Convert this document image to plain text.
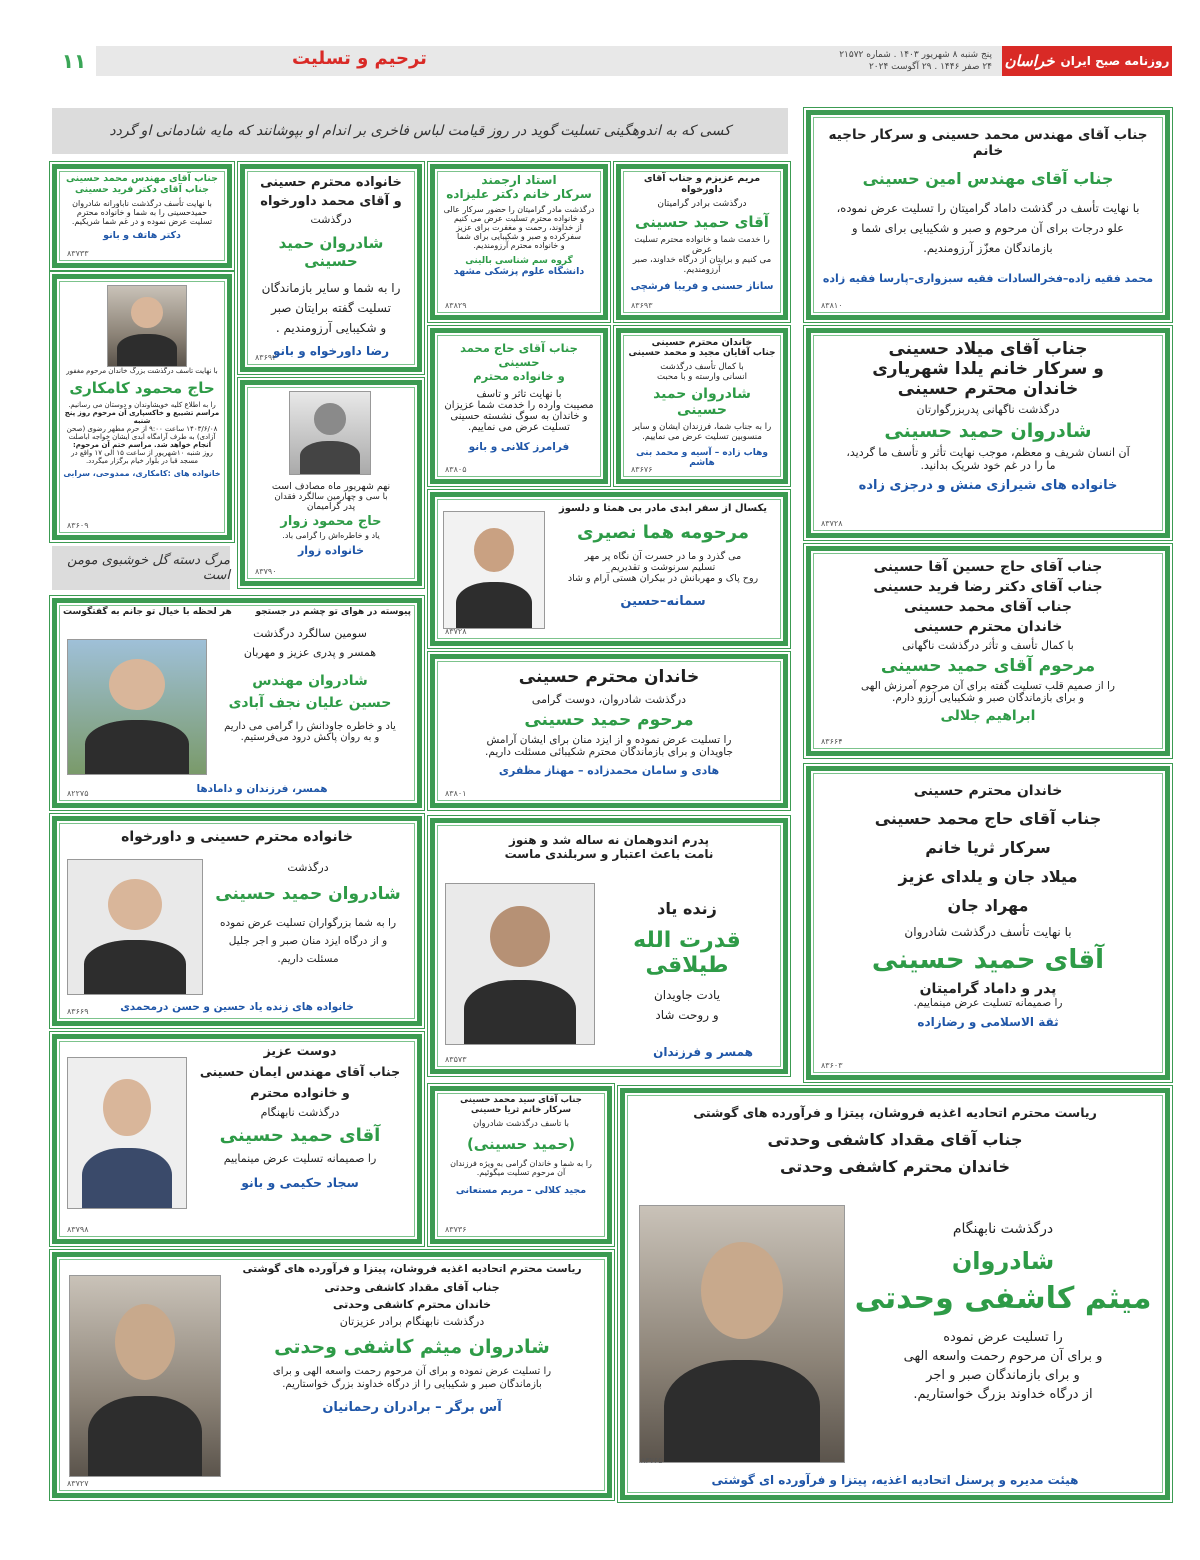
روزنامه صبح ایران
خراسان
پنج شنبه ۸ شهریور ۱۴۰۳ . شماره ۲۱۵۷۲
۲۴ صفر ۱۴۴۶ . ۲۹ آگوست ۲۰۲۴
ترحیم و تسلیت
۱۱
کسی که به اندوهگینی تسلیت گوید در روز قیامت لباس فاخری بر اندام او بپوشانند که مایه شادمانی او گردد
مرگ دسته گل خوشبوی مومن است

جناب آقای مهندس محمد حسینی و سرکار حاجیه خانم

جناب آقای مهندس امین حسینی

با نهایت تأسف در گذشت داماد گرامیتان را تسلیت عرض نموده،

علو درجات برای آن مرحوم و صبر و شکیبایی برای شما و

بازماندگان معزّز آرزومندیم.

محمد فقیه زاده–فخرالسادات فقیه سبزواری–پارسا فقیه زاده

۸۳۸۱۰

جناب آقای میلاد حسینی

و سرکار خانم یلدا شهریاری

خاندان محترم حسینی

درگذشت ناگهانی پدربزرگوارتان

شادروان حمید حسینی

آن انسان شریف و معظم، موجب نهایت تأثر و تأسف ما گردید،

ما را در غم خود شریک بدانید.

خانواده های شیرازی منش و درجزی زاده

۸۳۷۲۸

جناب آقای حاج حسین آقا حسینی

جناب آقای دکتر رضا فرید حسینی

جناب آقای محمد حسینی

خاندان محترم حسینی

با کمال تأسف و تأثر درگذشت ناگهانی

مرحوم آقای حمید حسینی

را از صمیم قلب تسلیت گفته برای آن مرحوم آمرزش الهی

و برای بازماندگان صبر و شکیبایی آرزو دارم.

ابراهیم جلالی

۸۳۶۶۴

خاندان محترم حسینی

جناب آقای حاج محمد حسینی

سرکار ثریا خانم

میلاد جان و یلدای عزیز

مهراد جان

با نهایت تأسف درگذشت شادروان

آقای حمید حسینی

پدر و داماد گرامیتان

را صمیمانه تسلیت عرض مینماییم.

ثقة الاسلامی و رضازاده

۸۳۶۰۳

ریاست محترم اتحادیه اغذیه فروشان، پیتزا و فرآورده های گوشتی

جناب آقای مقداد کاشفی وحدتی

خاندان محترم کاشفی وحدتی

درگذشت نابهنگام

شادروان

میثم کاشفی وحدتی

را تسلیت عرض نموده

و برای آن مرحوم رحمت واسعه الهی

و برای بازماندگان صبر و اجر

از درگاه خداوند بزرگ خواستاریم.

هیئت مدیره و پرسنل اتحادیه اغذیه، پیتزا و فرآورده ای گوشتی

۸۳۷۶۵

مریم عزیزم و جناب آقای داورخواه

درگذشت برادر گرامیتان

آقای حمید حسینی

را خدمت شما و خانواده محترم تسلیت عرض

می کنیم و برایتان از درگاه خداوند، صبر

آرزومندیم.

ساناز حسنی و فریبا فرشچی

۸۳۶۹۳

استاد ارجمند

سرکار خانم دکتر علیزاده

درگذشت مادر گرامیتان را حضور سرکار عالی

و خانواده محترم تسلیت عرض می کنیم

از خداوند، رحمت و مغفرت برای عزیز

سفرکرده و صبر و شکیبایی برای شما

و خانواده محترم آرزومندیم.

گروه سم شناسی بالینی

دانشگاه علوم پزشکی مشهد

۸۳۸۲۹

خانواده محترم حسینی

و آقای محمد داورخواه

درگذشت

شادروان حمید حسینی

را به شما و سایر بازماندگان

تسلیت گفته برایتان صبر

و شکیبایی آرزومندیم .

رضا داورخواه و بانو

۸۳۶۹۲

جناب آقای مهندس محمد حسینی

جناب آقای دکتر فرید حسینی

با نهایت تأسف درگذشت ناباورانه شادروان

حمیدحسینی را به شما و خانواده محترم

تسلیت عرض نموده و در غم شما شریکیم.

دکتر هاتف و بانو

۸۳۷۳۳

خاندان محترم حسینی

جناب آقایان مجید و محمد حسینی

با کمال تأسف درگذشت

انسانی وارسته و با محبت

شادروان حمید حسینی

را به جناب شما، فرزندان ایشان و سایر

منسوبین تسلیت عرض می نماییم.

وهاب زاده – آسیه و محمد بنی هاشم

۸۳۶۷۶

جناب آقای حاج محمد حسینی

و خانواده محترم

با نهایت تاثر و تاسف

مصیبت وارده را خدمت شما عزیزان

و خاندان به سوگ نشسته حسینی

تسلیت عرض می نماییم.

فرامرز کلانی و بانو

۸۳۸۰۵

با نهایت تاسف درگذشت بزرگ خاندان مرحوم مغفور

حاج محمود کامکاری

را به اطلاع کلیه خویشاوندان و دوستان می رسانیم.

مراسم تشییع و خاکسپاری آن مرحوم روز پنج شنبه

۱۴۰۳/۶/۰۸ ساعت ۹:۰۰ از حرم مطهر رضوی (صحن

آزادی) به طرف آرامگاه ابدی ایشان خواجه اباصلت

انجام خواهد شد. مراسم ختم آن مرحوم:

روز شنبه ۱۰شهریور از ساعت ۱۵ الی ۱۷ واقع در

مسجد قبا در بلوار خیام برگزار میگردد.

خانواده های :کامکاری، ممدوحی، سرابی

۸۳۶۰۹

نهم شهریور ماه مصادف است

با سی و چهارمین سالگرد فقدان

پدر گرامیمان

حاج محمود زوار

یاد و خاطره‌اش را گرامی باد.

خانواده زوار

۸۳۷۹۰

یکسال از سفر ابدی مادر بی همتا و دلسوز

مرحومه هما نصیری

می گذرد و ما در حسرت آن نگاه پر مهر

تسلیم سرنوشت و تقدیریم

روح پاک و مهربانش در بیکران هستی آرام و شاد

سمانه–حسین

۸۳۷۲۸

خاندان محترم حسینی

درگذشت شادروان، دوست گرامی

مرحوم حمید حسینی

را تسلیت عرض نموده و از ایزد منان برای ایشان آرامش

جاویدان و برای بازماندگان محترم شکیبائی مسئلت داریم.

هادی و سامان محمدزاده – مهناز مظفری

۸۳۸۰۱

پیوسته در هوای تو چشم در جستجو
هر لحظه با خیال تو جانم به گفتگوست

سومین سالگرد درگذشت

همسر و پدری عزیز و مهربان

شادروان مهندس

حسین علیان نجف آبادی

یاد و خاطره جاودانش را گرامی می داریم

و به روان پاکش درود می‌فرستیم.

همسر، فرزندان و دامادها

۸۲۲۷۵

خانواده محترم حسینی و داورخواه

درگذشت

شادروان حمید حسینی

را به شما بزرگواران تسلیت عرض نموده

و از درگاه ایزد منان صبر و اجر جلیل

مسئلت داریم.

خانواده های زنده یاد حسین و حسن درمحمدی

۸۳۶۶۹

پدرم اندوهمان نه ساله شد و هنوز

نامت باعث اعتبار و سربلندی ماست

زنده یاد

قدرت الله طیلاقی

یادت جاویدان

و روحت شاد

همسر و فرزندان

۸۳۵۷۳

دوست عزیز

جناب آقای مهندس ایمان حسینی

و خانواده محترم

درگذشت نابهنگام

آقای حمید حسینی

را صمیمانه تسلیت عرض مینماییم

سجاد حکیمی و بانو

۸۳۷۹۸

جناب آقای سید محمد حسینی

سرکار خانم ثریا حسینی

با تاسف درگذشت شادروان

(حمید حسینی)

را به شما و خاندان گرامی به ویژه فرزندان

آن مرحوم تسلیت میگوئیم.

مجید کلالی – مریم مستعانی

۸۳۷۳۶

ریاست محترم اتحادیه اغذیه فروشان، پیتزا و فرآورده های گوشتی

جناب آقای مقداد کاشفی وحدتی

خاندان محترم کاشفی وحدتی

درگذشت نابهنگام برادر عزیزتان

شادروان میثم کاشفی وحدتی

را تسلیت عرض نموده و برای آن مرحوم رحمت واسعه الهی و برای

بازماندگان صبر و شکیبایی را از درگاه خداوند بزرگ خواستاریم.

آس برگر – برادران رحمانیان

۸۳۷۲۷
